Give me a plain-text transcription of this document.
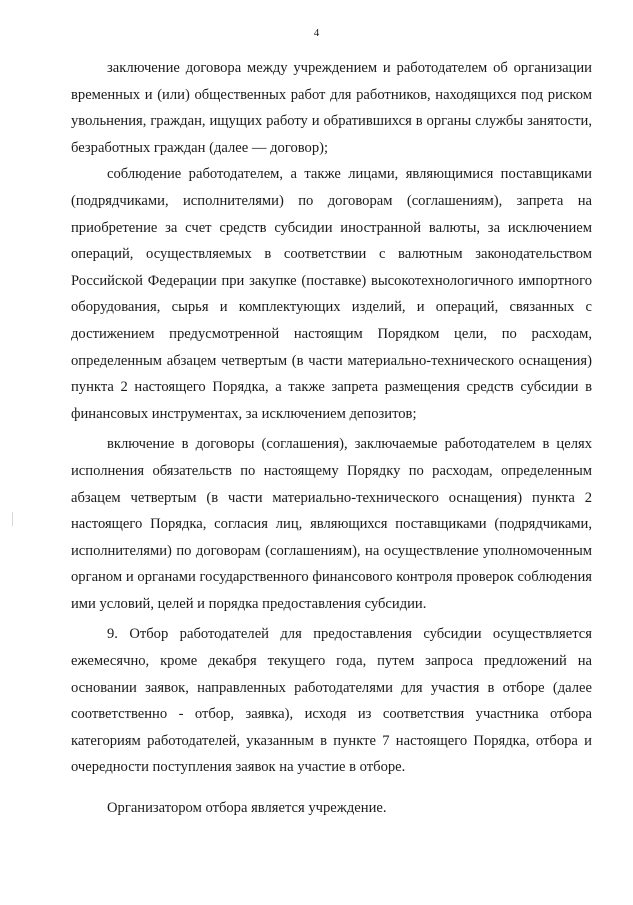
4

заключение договора между учреждением и работодателем об организации временных и (или) общественных работ для работников, находящихся под риском увольнения, граждан, ищущих работу и обратившихся в органы службы занятости, безработных граждан (далее — договор);

соблюдение работодателем, а также лицами, являющимися поставщиками (подрядчиками, исполнителями) по договорам (соглашениям), запрета на приобретение за счет средств субсидии иностранной валюты, за исключением операций, осуществляемых в соответствии с валютным законодательством Российской Федерации при закупке (поставке) высокотехнологичного импортного оборудования, сырья и комплектующих изделий, и операций, связанных с достижением предусмотренной настоящим Порядком цели, по расходам, определенным абзацем четвертым (в части материально-технического оснащения) пункта 2 настоящего Порядка, а также запрета размещения средств субсидии в финансовых инструментах, за исключением депозитов;

включение в договоры (соглашения), заключаемые работодателем в целях исполнения обязательств по настоящему Порядку по расходам, определенным абзацем четвертым (в части материально-технического оснащения) пункта 2 настоящего Порядка, согласия лиц, являющихся поставщиками (подрядчиками, исполнителями) по договорам (соглашениям), на осуществление уполномоченным органом и органами государственного финансового контроля проверок соблюдения ими условий, целей и порядка предоставления субсидии.

9. Отбор работодателей для предоставления субсидии осуществляется ежемесячно, кроме декабря текущего года, путем запроса предложений на основании заявок, направленных работодателями для участия в отборе (далее соответственно - отбор, заявка), исходя из соответствия участника отбора категориям работодателей, указанным в пункте 7 настоящего Порядка, отбора и очередности поступления заявок на участие в отборе.

Организатором отбора является учреждение.
